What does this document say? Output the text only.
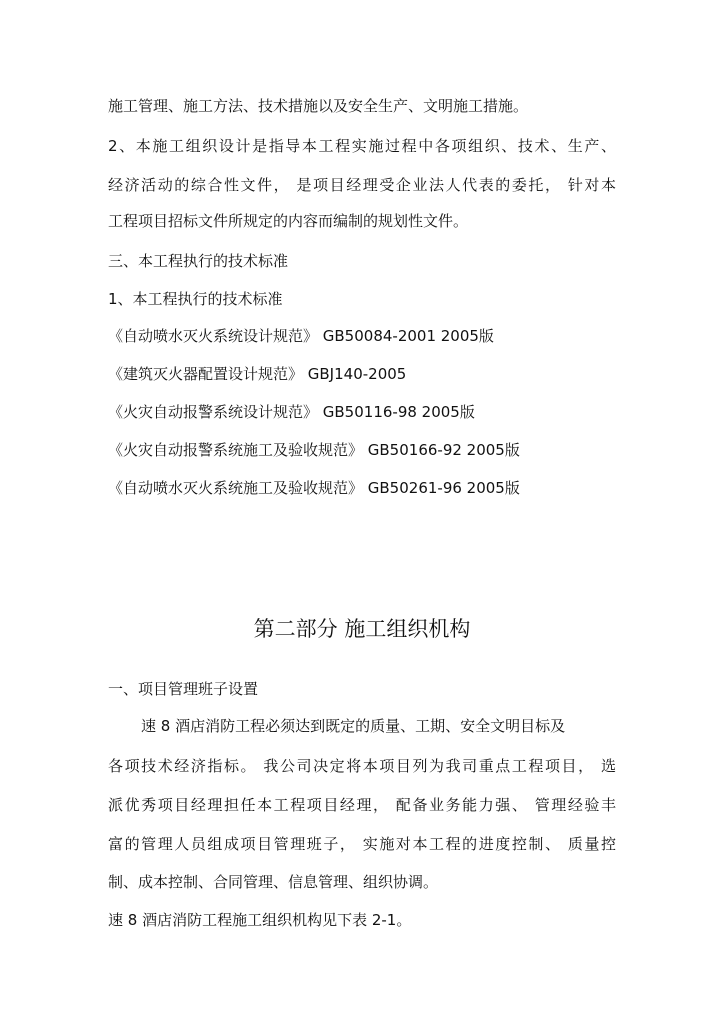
施工管理、施工方法、技术措施以及安全生产、文明施工措施。
2、本施工组织设计是指导本工程实施过程中各项组织、技术、生产、
经济活动的综合性文件， 是项目经理受企业法人代表的委托， 针对本
工程项目招标文件所规定的内容而编制的规划性文件。
三、本工程执行的技术标准
1、本工程执行的技术标准
《自动喷水灭火系统设计规范》 GB50084-2001 2005版
《建筑灭火器配置设计规范》 GBJ140-2005
《火灾自动报警系统设计规范》 GB50116-98 2005版
《火灾自动报警系统施工及验收规范》 GB50166-92 2005版
《自动喷水灭火系统施工及验收规范》 GB50261-96 2005版
第二部分 施工组织机构
一、项目管理班子设置
速 8 酒店消防工程必须达到既定的质量、工期、安全文明目标及
各项技术经济指标。 我公司决定将本项目列为我司重点工程项目， 选
派优秀项目经理担任本工程项目经理， 配备业务能力强、 管理经验丰
富的管理人员组成项目管理班子， 实施对本工程的进度控制、 质量控
制、成本控制、合同管理、信息管理、组织协调。
速 8 酒店消防工程施工组织机构见下表 2-1。
